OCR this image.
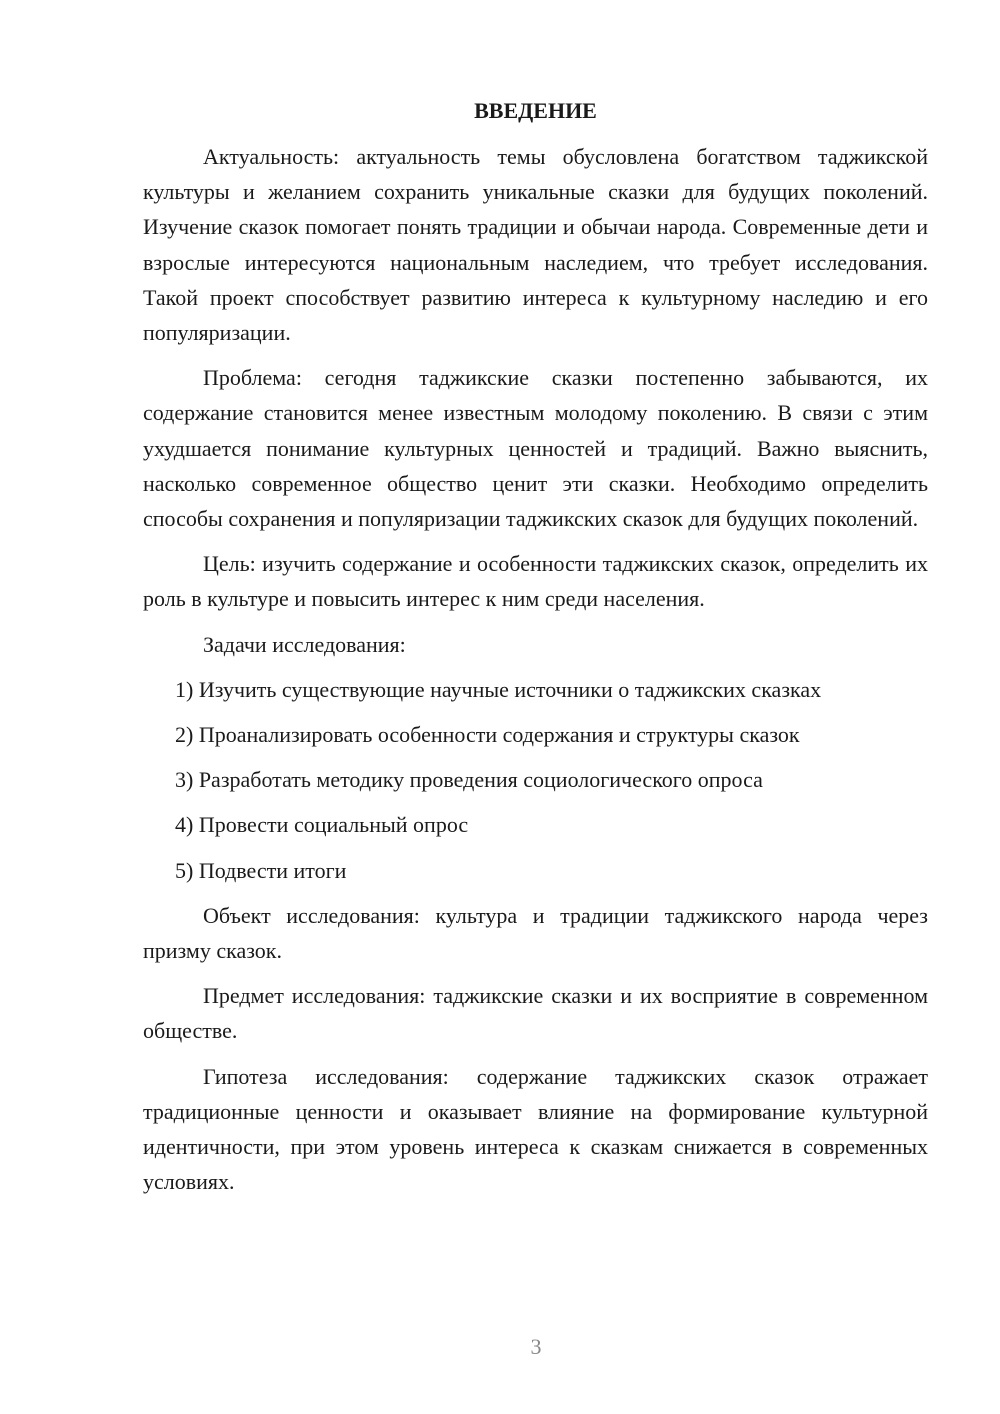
ВВЕДЕНИЕ

Актуальность: актуальность темы обусловлена богатством таджикской культуры и желанием сохранить уникальные сказки для будущих поколений. Изучение сказок помогает понять традиции и обычаи народа. Современные дети и взрослые интересуются национальным наследием, что требует исследования. Такой проект способствует развитию интереса к культурному наследию и его популяризации.

Проблема: сегодня таджикские сказки постепенно забываются, их содержание становится менее известным молодому поколению. В связи с этим ухудшается понимание культурных ценностей и традиций. Важно выяснить, насколько современное общество ценит эти сказки. Необходимо определить способы сохранения и популяризации таджикских сказок для будущих поколений.

Цель: изучить содержание и особенности таджикских сказок, определить их роль в культуре и повысить интерес к ним среди населения.

Задачи исследования:

1) Изучить существующие научные источники о таджикских сказках

2) Проанализировать особенности содержания и структуры сказок

3) Разработать методику проведения социологического опроса

4) Провести социальный опрос

5) Подвести итоги

Объект исследования: культура и традиции таджикского народа через призму сказок.

Предмет исследования: таджикские сказки и их восприятие в современном обществе.

Гипотеза исследования: содержание таджикских сказок отражает традиционные ценности и оказывает влияние на формирование культурной идентичности, при этом уровень интереса к сказкам снижается в современных условиях.

3
